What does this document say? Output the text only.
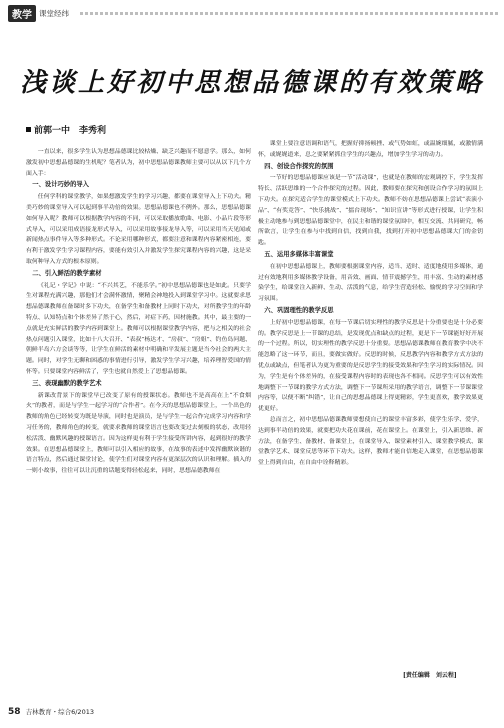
教学 课堂经纬
浅谈上好初中思想品德课的有效策略
前郭一中　李秀利

一直以来，很多学生认为思想品德课比较枯燥、缺乏兴趣而不愿意学。那么，如何激发初中思想品德课的生机呢？笔者认为，初中思想品德课教师主要可以从以下几个方面入手：

一、设计巧妙的导入

任何学科的课堂教学，如果想激发学生的学习兴趣，都要在课堂导入上下功夫。精美巧妙的课堂导入可以起到事半功倍的效果。思想品德课也不例外。那么，思想品德课如何导入呢？教师可以根据教学内容的不同，可以采取播放歌曲、电影、小品片段等形式导入，可以采用成语接龙形式导入，可以采用故事接龙导入等，可以采用当天见闻或新闻热点事件导入等多种形式。不论采用哪种形式，都要注意和课程内容紧密相连，要有利于激发学生学习课程内容，要能有效引入并激发学生探究课程内容的兴趣，这是采取何种导入方式的根本原则。

二、引入鲜活的教学素材

《礼记・学记》中说：“不兴其艺，不能乐学。”初中思想品德课也是如此。只要学生对课程充满兴趣，那他们才会满怀激情，聚精会神地投入到课堂学习中。这就要求思想品德课教师在备课时多下功夫，在备学生和备教材上同时下功夫，对所教学生的年龄特点、认知特点和个体差异了然于心，然后，对症下药，因材施教。其中，最主要的一点就是充实鲜活的教学内容到课堂上。教师可以根据课堂教学内容，把与之相关的社会热点问题引入课堂，比如十八大召开、“表叔”杨达才、“房叔”、“房姐”、钓鱼岛问题、朝鲜半岛六方会谈等等，让学生在鲜活的素材中明确和平发展主题是当今社会的两大主题。同时，对学生无聊和困惑的事情进行引导，激发学生学习兴趣，培养理智爱国的情怀等。只要课堂内容鲜活了，学生也就自然爱上了思想品德课。

三、表现幽默的教学艺术

新课改背景下的课堂早已改变了原有的授课状态。教师也不是高高在上“不食烟火”的教者，而是与学生一起学习的“合作者”。在今天的思想品德课堂上，一个出色的教师的角色已经转变为既是导演，同时也是演员，是与学生一起合作完成学习内容和学习任务的，教师角色的转变，就要求教师的课堂语言也要改变过去刻板的状态，改用轻松活泼、幽默风趣的授课语言。因为这样更有利于学生接受所讲内容，起到很好的教学效果。在思想品德课堂上，教师可以引入相应的故事，在故事的表述中发挥幽默诙谐的语言特点，然后通过课堂讨论，使学生们对课堂内容有更深层次的认识和理解。插入的一则小故事，往往可以让沉重的话题变得轻松起来，同时，思想品德教师在

课堂上要注意语调和语气，把握好抑扬顿挫、或气势如虹，或温婉细腻，或激情满怀，或娓娓道来，总之要紧紧抓住学生的兴趣点，增加学生学习的动力。

四、创设合作探究的氛围

一节好的思想品德课应该是一节“活动课”，也就是在教师的宏观调控下，学生发挥特长、活跃思维的一个合作探究的过程。因此，教师要在探究和创设合作学习的氛围上下功夫。在探究适合学生的课堂模式上下功夫。教师不妨在思想品德课上尝试“表演小品”、“有奖竞答”、“快乐挑战”、“擂台现场”、“知识宣讲”等形式进行授课，让学生积极主动地参与到思想品德课堂中，在民主和谐的课堂氛围中，相互交流、共同研究，畅所欲言，让学生在参与中找到自信，找到自我，找到打开初中思想品德课大门的金钥匙。

五、运用多媒体丰富课堂

在初中思想品德课上，教师要根据课堂内容，适当、适时、适度地使用多媒体，通过有效地利用多媒体教学设备，用音效、画面、情节震撼学生，用丰富、生动的素材感染学生，给课堂注入新鲜、生动、活泼的气息，给学生营造轻松、愉悦的学习空间和学习氛围。

六、巩固理性的教学反思

上好初中思想品德课，在每一节课后切实理性的教学反思是十分重要也是十分必要的。教学反思是上一节课的总结，是发现优点和缺点的过程，更是下一节课能好好开展的一个过程。所以，切实理性的教学反思十分重要。思想品德课教师在教育教学中决不能忽略了这一环节，而且，要做实做好。反思的时候，反思教学内容和教学方式方法的优点或缺点，但笔者认为更为重要的是反思学生的接受效果和学生学习的实际情况。因为，学生是有个体差异的，在接受课程内容时的表现也各不相同。反思学生可以有效性地调整下一节课的教学方式方法，调整下一节课所采用的教学语言，调整下一节课课堂内容等，以便不断“纠错”，让自己的思想品德课上得更精彩，学生更喜欢，教学效果更优更好。

总而言之，初中思想品德课教师要想使自己的课堂丰富多彩，使学生乐学、爱学，达到事半功倍的效果，就要把功夫花在课前，花在课堂上。在课堂上，引入新思维、新方法，在备学生、备教材、备课堂上，在课堂导入、课堂素材引入、课堂教学模式、课堂教学艺术、课堂反思等环节下功夫。这样，教师才能自信地走入课堂，在思想品德课堂上得到自由，在自由中诠释精彩。

[责任编辑　刘云程]
58 吉林教育・综合6/2013
